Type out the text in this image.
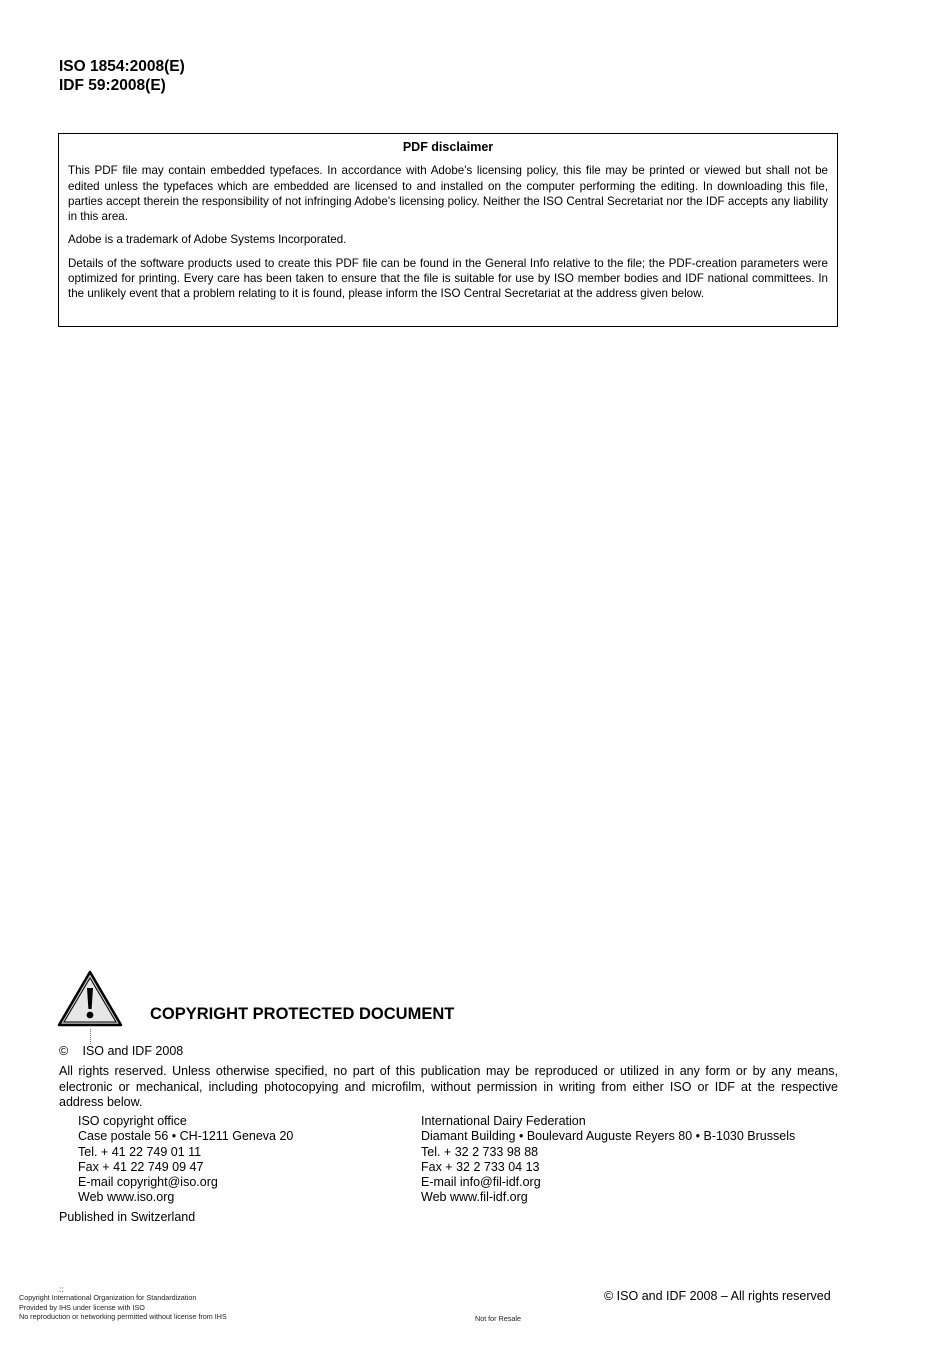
ISO 1854:2008(E)
IDF 59:2008(E)
PDF disclaimer

This PDF file may contain embedded typefaces. In accordance with Adobe's licensing policy, this file may be printed or viewed but shall not be edited unless the typefaces which are embedded are licensed to and installed on the computer performing the editing. In downloading this file, parties accept therein the responsibility of not infringing Adobe's licensing policy. Neither the ISO Central Secretariat nor the IDF accepts any liability in this area.

Adobe is a trademark of Adobe Systems Incorporated.

Details of the software products used to create this PDF file can be found in the General Info relative to the file; the PDF-creation parameters were optimized for printing. Every care has been taken to ensure that the file is suitable for use by ISO member bodies and IDF national committees. In the unlikely event that a problem relating to it is found, please inform the ISO Central Secretariat at the address given below.

COPYRIGHT PROTECTED DOCUMENT
© ISO and IDF 2008
All rights reserved. Unless otherwise specified, no part of this publication may be reproduced or utilized in any form or by any means, electronic or mechanical, including photocopying and microfilm, without permission in writing from either ISO or IDF at the respective address below.
ISO copyright office
Case postale 56 • CH-1211 Geneva 20
Tel. + 41 22 749 01 11
Fax + 41 22 749 09 47
E-mail copyright@iso.org
Web www.iso.org
International Dairy Federation
Diamant Building • Boulevard Auguste Reyers 80 • B-1030 Brussels
Tel. + 32 2 733 98 88
Fax + 32 2 733 04 13
E-mail info@fil-idf.org
Web www.fil-idf.org
Published in Switzerland
::
Copyright International Organization for Standardization
Provided by IHS under license with ISO
No reproduction or networking permitted without license from IHS	Not for Resale
© ISO and IDF 2008 – All rights reserved
